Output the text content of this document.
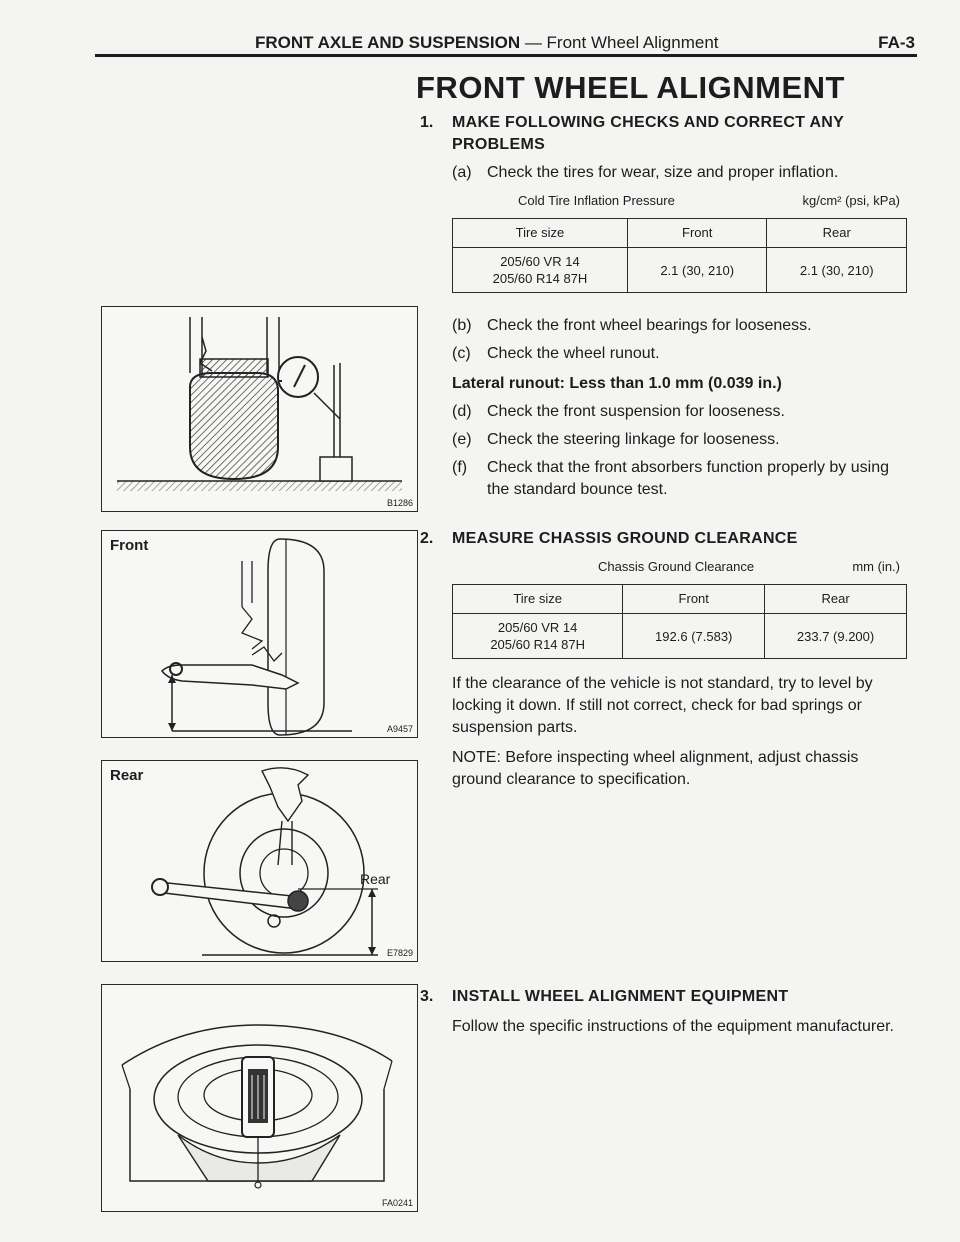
FRONT AXLE AND SUSPENSION — Front Wheel Alignment	FA-3
FRONT WHEEL ALIGNMENT
1. MAKE FOLLOWING CHECKS AND CORRECT ANY PROBLEMS
(a) Check the tires for wear, size and proper inflation.
Cold Tire Inflation Pressure	kg/cm² (psi, kPa)
Tire size	Front	Rear

205/60 VR 14
205/60 R14 87H	2.1 (30, 210)	2.1 (30, 210)
(b) Check the front wheel bearings for looseness.
(c) Check the wheel runout.
Lateral runout: Less than 1.0 mm (0.039 in.)
(d) Check the front suspension for looseness.
(e) Check the steering linkage for looseness.
(f) Check that the front absorbers function properly by using the standard bounce test.
2. MEASURE CHASSIS GROUND CLEARANCE
Chassis Ground Clearance	mm (in.)
Tire size	Front	Rear

205/60 VR 14
205/60 R14 87H	192.6 (7.583)	233.7 (9.200)
If the clearance of the vehicle is not standard, try to level by locking it down. If still not correct, check for bad springs or suspension parts.
NOTE: Before inspecting wheel alignment, adjust chassis ground clearance to specification.
3. INSTALL WHEEL ALIGNMENT EQUIPMENT
Follow the specific instructions of the equipment manufacturer.
B1286
Front
A9457
Rear
Rear
E7829
FA0241
